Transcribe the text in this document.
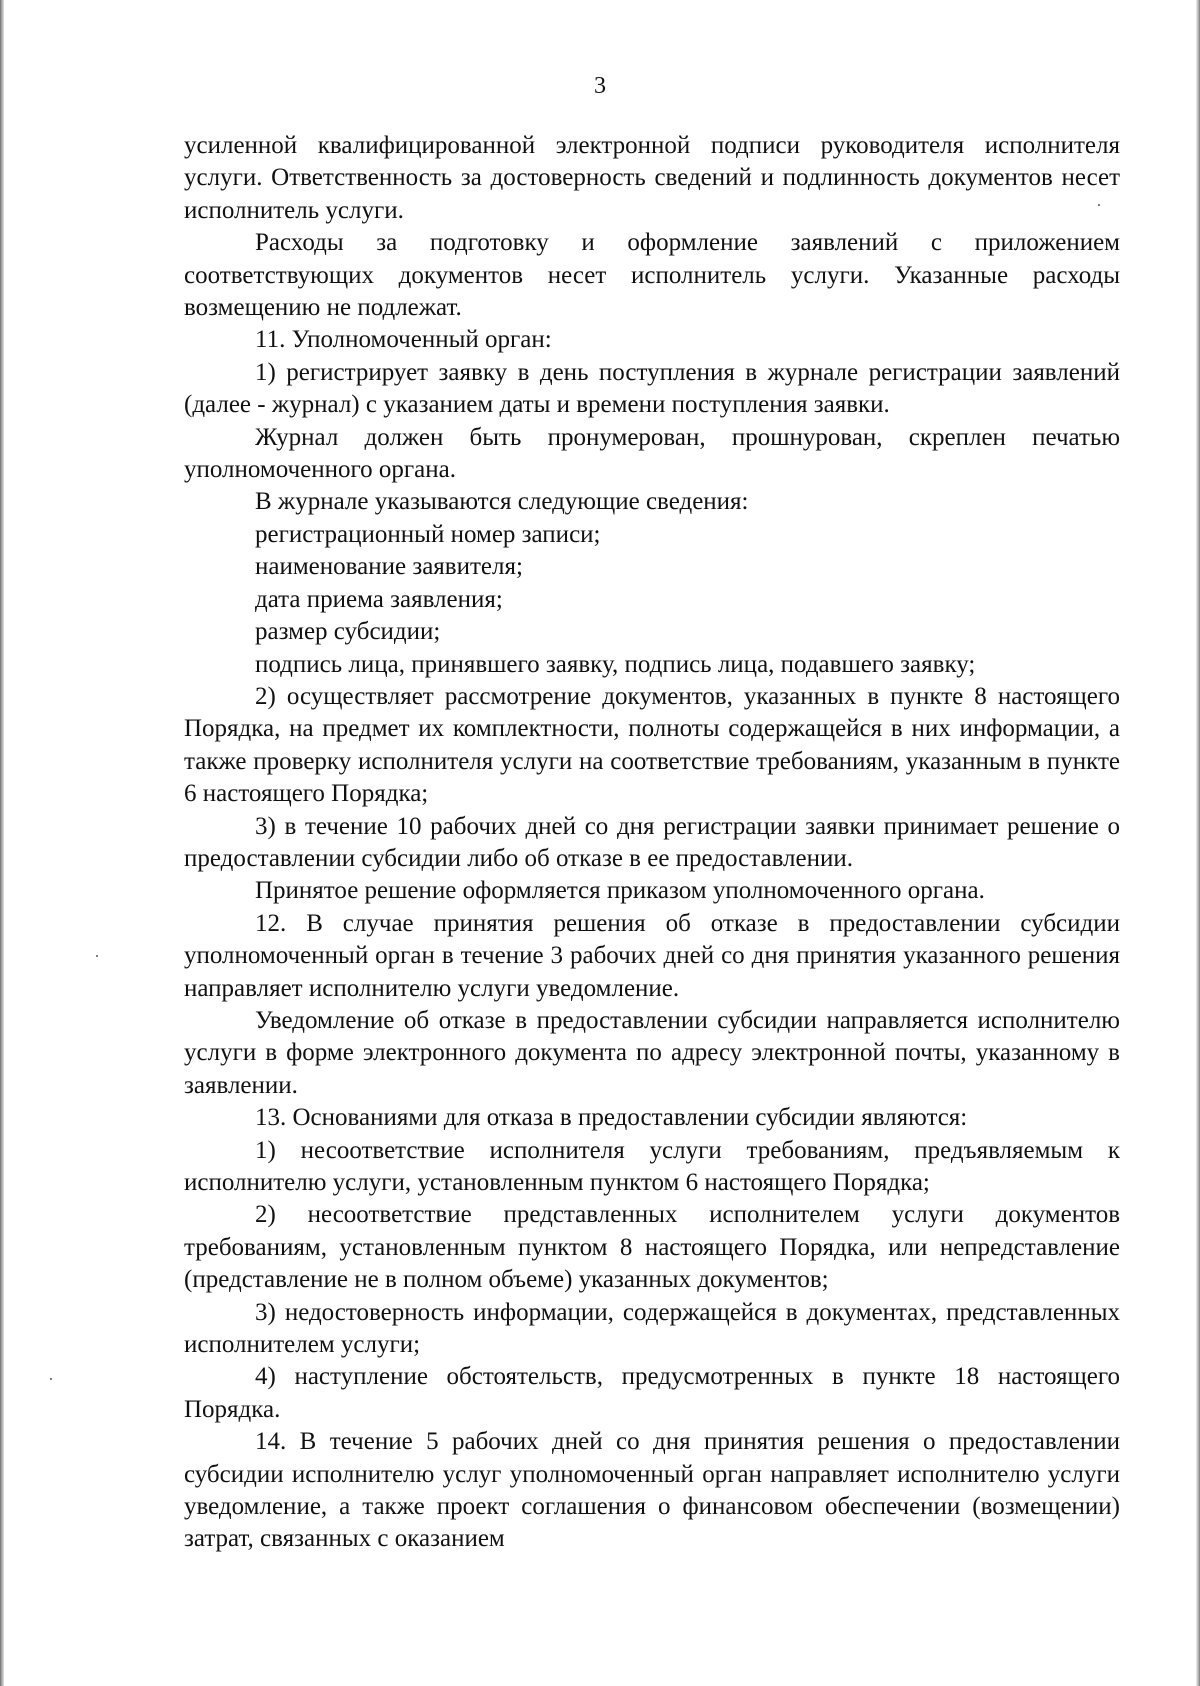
3

усиленной квалифицированной электронной подписи руководителя исполнителя услуги. Ответственность за достоверность сведений и подлинность документов несет исполнитель услуги.

Расходы за подготовку и оформление заявлений с приложением соответствующих документов несет исполнитель услуги. Указанные расходы возмещению не подлежат.

11. Уполномоченный орган:

1) регистрирует заявку в день поступления в журнале регистрации заявлений (далее - журнал) с указанием даты и времени поступления заявки.

Журнал должен быть пронумерован, прошнурован, скреплен печатью уполномоченного органа.

В журнале указываются следующие сведения:

регистрационный номер записи;

наименование заявителя;

дата приема заявления;

размер субсидии;

подпись лица, принявшего заявку, подпись лица, подавшего заявку;

2) осуществляет рассмотрение документов, указанных в пункте 8 настоящего Порядка, на предмет их комплектности, полноты содержащейся в них информации, а также проверку исполнителя услуги на соответствие требованиям, указанным в пункте 6 настоящего Порядка;

3) в течение 10 рабочих дней со дня регистрации заявки принимает решение о предоставлении субсидии либо об отказе в ее предоставлении.

Принятое решение оформляется приказом уполномоченного органа.

12. В случае принятия решения об отказе в предоставлении субсидии уполномоченный орган в течение 3 рабочих дней со дня принятия указанного решения направляет исполнителю услуги уведомление.

Уведомление об отказе в предоставлении субсидии направляется исполнителю услуги в форме электронного документа по адресу электронной почты, указанному в заявлении.

13. Основаниями для отказа в предоставлении субсидии являются:

1) несоответствие исполнителя услуги требованиям, предъявляемым к исполнителю услуги, установленным пунктом 6 настоящего Порядка;

2) несоответствие представленных исполнителем услуги документов требованиям, установленным пунктом 8 настоящего Порядка, или непредставление (представление не в полном объеме) указанных документов;

3) недостоверность информации, содержащейся в документах, представленных исполнителем услуги;

4) наступление обстоятельств, предусмотренных в пункте 18 настоящего Порядка.

14. В течение 5 рабочих дней со дня принятия решения о предоставлении субсидии исполнителю услуг уполномоченный орган направляет исполнителю услуги уведомление, а также проект соглашения о финансовом обеспечении (возмещении) затрат, связанных с оказанием
